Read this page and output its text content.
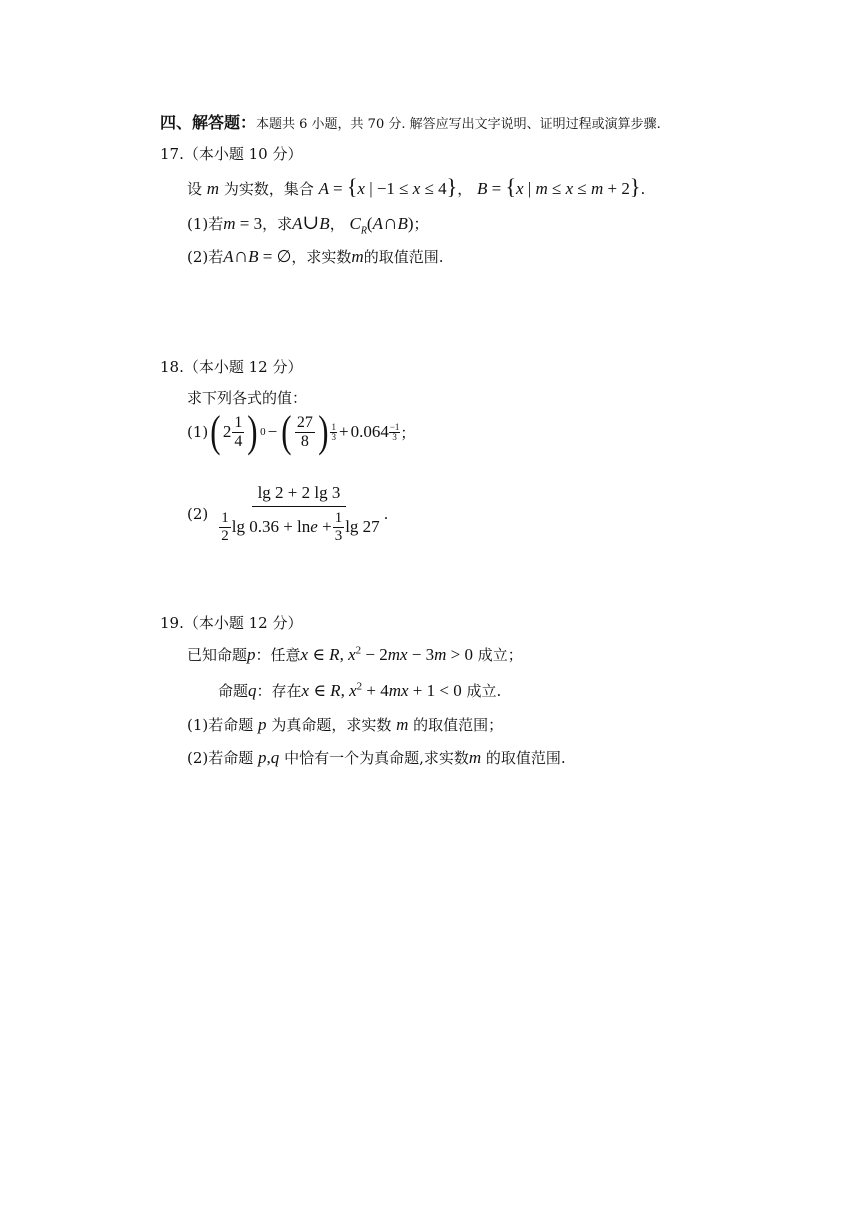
四、解答题：本题共 6 小题，共 70 分. 解答应写出文字说明、证明过程或演算步骤.
17.（本小题 10 分）
设 m 为实数，集合 A = {x | −1 ≤ x ≤ 4}， B = {x | m ≤ x ≤ m + 2}.
(1)若m = 3，求A∪B， $C_R(A\cap B)$；
(2)若A∩B = ∅，求实数m的取值范围.
18.（本小题 12 分）
求下列各式的值：
(1) ( $2 \frac{1}{4}$ ) 0 − ( $\frac{27}{8}$ ) 1
$3 + 0.064 \frac{-1}{3}$ ；
$(2) \frac{\lg 2 + 2 \lg 3}{\frac{1}{2} \lg 0.36 + \ln e + \frac{1}{3} \lg 27}$ .
19.（本小题 12 分）
已知命题p：任意x ∈ R, $x^2 - 2mx - 3m > 0$ 成立；
命题q：存在x ∈ R, $x^2 + 4mx + 1 < 0$ 成立.
(1)若命题 p 为真命题，求实数 m 的取值范围；
(2)若命题 p,q 中恰有一个为真命题,求实数m 的取值范围.
